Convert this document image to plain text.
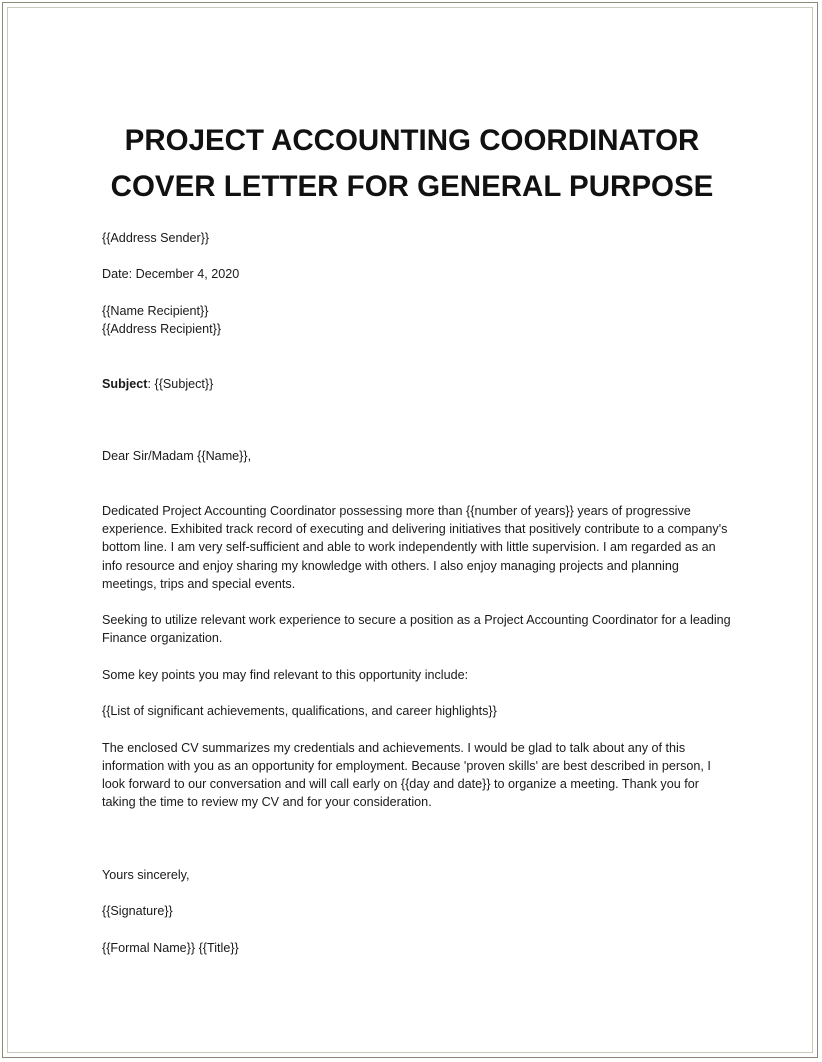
PROJECT ACCOUNTING COORDINATOR
COVER LETTER FOR GENERAL PURPOSE

{{Address Sender}}

Date: December 4, 2020

{{Name Recipient}}

{{Address Recipient}}

Subject: {{Subject}}

Dear Sir/Madam {{Name}},

Dedicated Project Accounting Coordinator possessing more than {{number of years}} years of progressive experience. Exhibited track record of executing and delivering initiatives that positively contribute to a company's bottom line. I am very self-sufficient and able to work independently with little supervision. I am regarded as an info resource and enjoy sharing my knowledge with others. I also enjoy managing projects and planning meetings, trips and special events.

Seeking to utilize relevant work experience to secure a position as a Project Accounting Coordinator for a leading Finance organization.

Some key points you may find relevant to this opportunity include:

{{List of significant achievements, qualifications, and career highlights}}

The enclosed CV summarizes my credentials and achievements. I would be glad to talk about any of this information with you as an opportunity for employment. Because 'proven skills' are best described in person, I look forward to our conversation and will call early on {{day and date}} to organize a meeting. Thank you for taking the time to review my CV and for your consideration.

Yours sincerely,

{{Signature}}

{{Formal Name}} {{Title}}
